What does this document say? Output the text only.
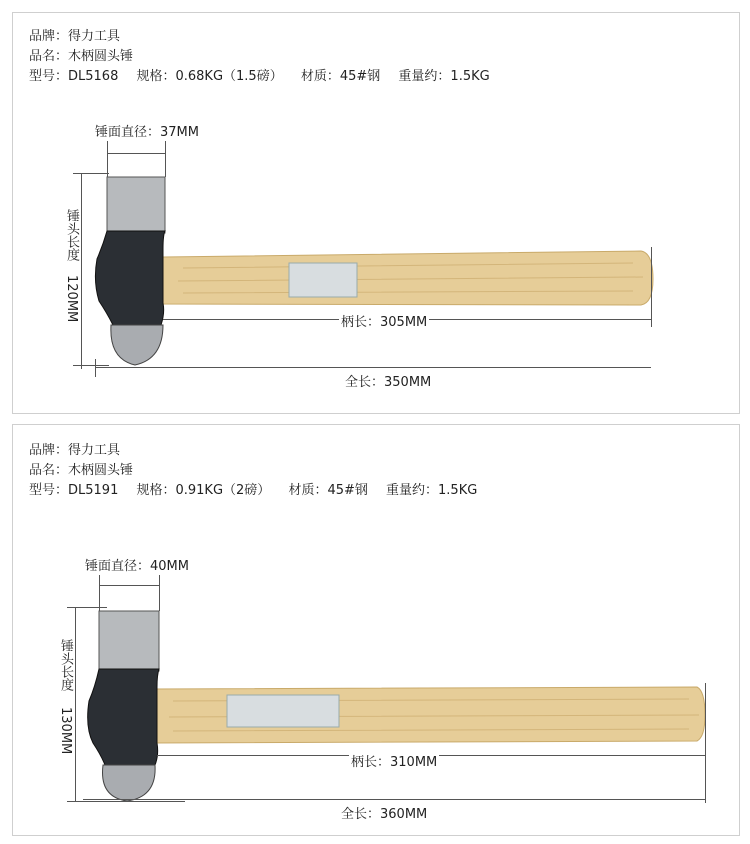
品牌：得力工具
品名：木柄圆头锤
型号：DL5168 规格：0.68KG（1.5磅） 材质：45#钢 重量约：1.5KG
锤面直径：37MM
锤头长度
120MM
柄长：305MM
全长：350MM
品牌：得力工具
品名：木柄圆头锤
型号：DL5191 规格：0.91KG（2磅） 材质：45#钢 重量约：1.5KG
锤面直径：40MM
锤头长度
130MM
柄长：310MM
全长：360MM
